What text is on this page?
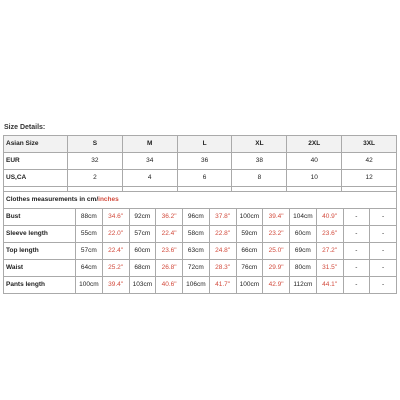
Size Details:
Asian Size	S	M	L	XL	2XL	3XL
EUR	32	34	36	38	40	42
US,CA	2	4	6	8	10	12

Clothes measurements in cm/inches												
Bust	88cm	34.6"	92cm	36.2"	96cm	37.8"	100cm	39.4"	104cm	40.9"	-	-
Sleeve length	55cm	22.0"	57cm	22.4"	58cm	22.8"	59cm	23.2"	60cm	23.6"	-	-
Top length	57cm	22.4"	60cm	23.6"	63cm	24.8"	66cm	25.0"	69cm	27.2"	-	-
Waist	64cm	25.2"	68cm	26.8"	72cm	28.3"	76cm	29.9"	80cm	31.5"	-	-
Pants length	100cm	39.4"	103cm	40.6"	106cm	41.7"	100cm	42.9"	112cm	44.1"	-	-
